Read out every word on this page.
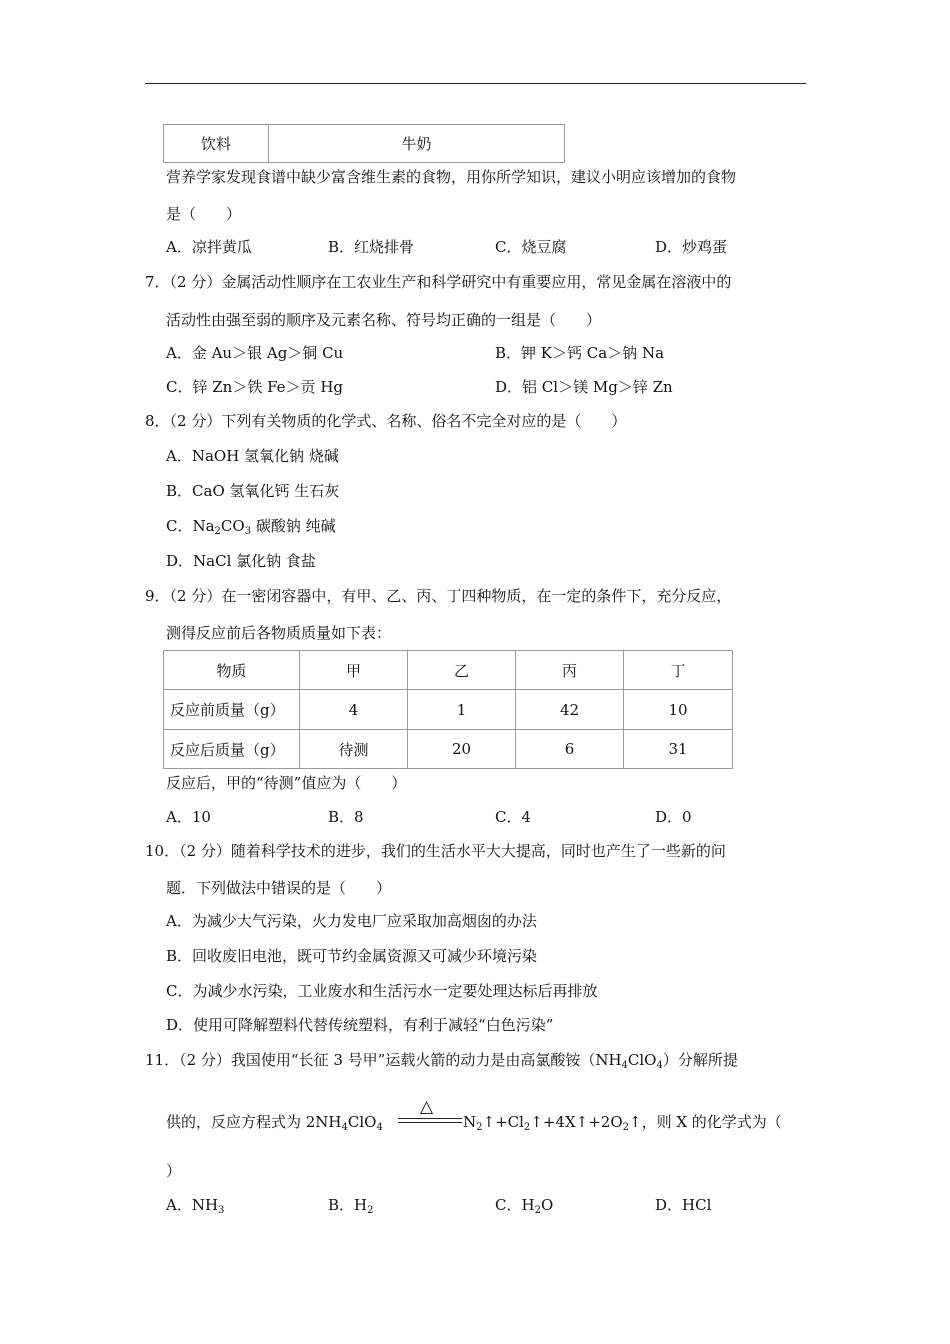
饮料	牛奶
营养学家发现食谱中缺少富含维生素的食物，用你所学知识，建议小明应该增加的食物
是（　　）
A．凉拌黄瓜	B．红烧排骨	C．烧豆腐	D．炒鸡蛋
7．（2 分）金属活动性顺序在工农业生产和科学研究中有重要应用，常见金属在溶液中的
活动性由强至弱的顺序及元素名称、符号均正确的一组是（　　）
A．金 Au＞银 Ag＞铜 Cu	B．钾 K＞钙 Ca＞钠 Na
C．锌 Zn＞铁 Fe＞贡 Hg	D．铝 Cl＞镁 Mg＞锌 Zn
8．（2 分）下列有关物质的化学式、名称、俗名不完全对应的是（　　）
A．NaOH 氢氧化钠 烧碱
B．CaO 氢氧化钙 生石灰
C．$Na_2CO_3$ 碳酸钠 纯碱
D．NaCl 氯化钠 食盐
9．（2 分）在一密闭容器中，有甲、乙、丙、丁四种物质，在一定的条件下，充分反应，
测得反应前后各物质质量如下表：
物质	甲	乙	丙	丁
反应前质量（g）	4	1	42	10
反应后质量（g）	待测	20	6	31
反应后，甲的“待测”值应为（　　）
A．10	B．8	C．4	D．0
10．（2 分）随着科学技术的进步，我们的生活水平大大提高，同时也产生了一些新的问
题．下列做法中错误的是（　　）
A．为减少大气污染，火力发电厂应采取加高烟囱的办法
B．回收废旧电池，既可节约金属资源又可减少环境污染
C．为减少水污染，工业废水和生活污水一定要处理达标后再排放
D．使用可降解塑料代替传统塑料，有利于减轻“白色污染”
11．（2 分）我国使用“长征 3 号甲”运载火箭的动力是由高氯酸铵$(NH_4ClO_4)$分解所提
供的，反应方程式为 $2NH_4ClO_4$
△
$N_2↑+Cl_2↑+4X↑+2O_2↑$，则 X 的化学式为（
）
A．$NH_3$	B．$H_2$	C．$H_2O$	D．HCl
